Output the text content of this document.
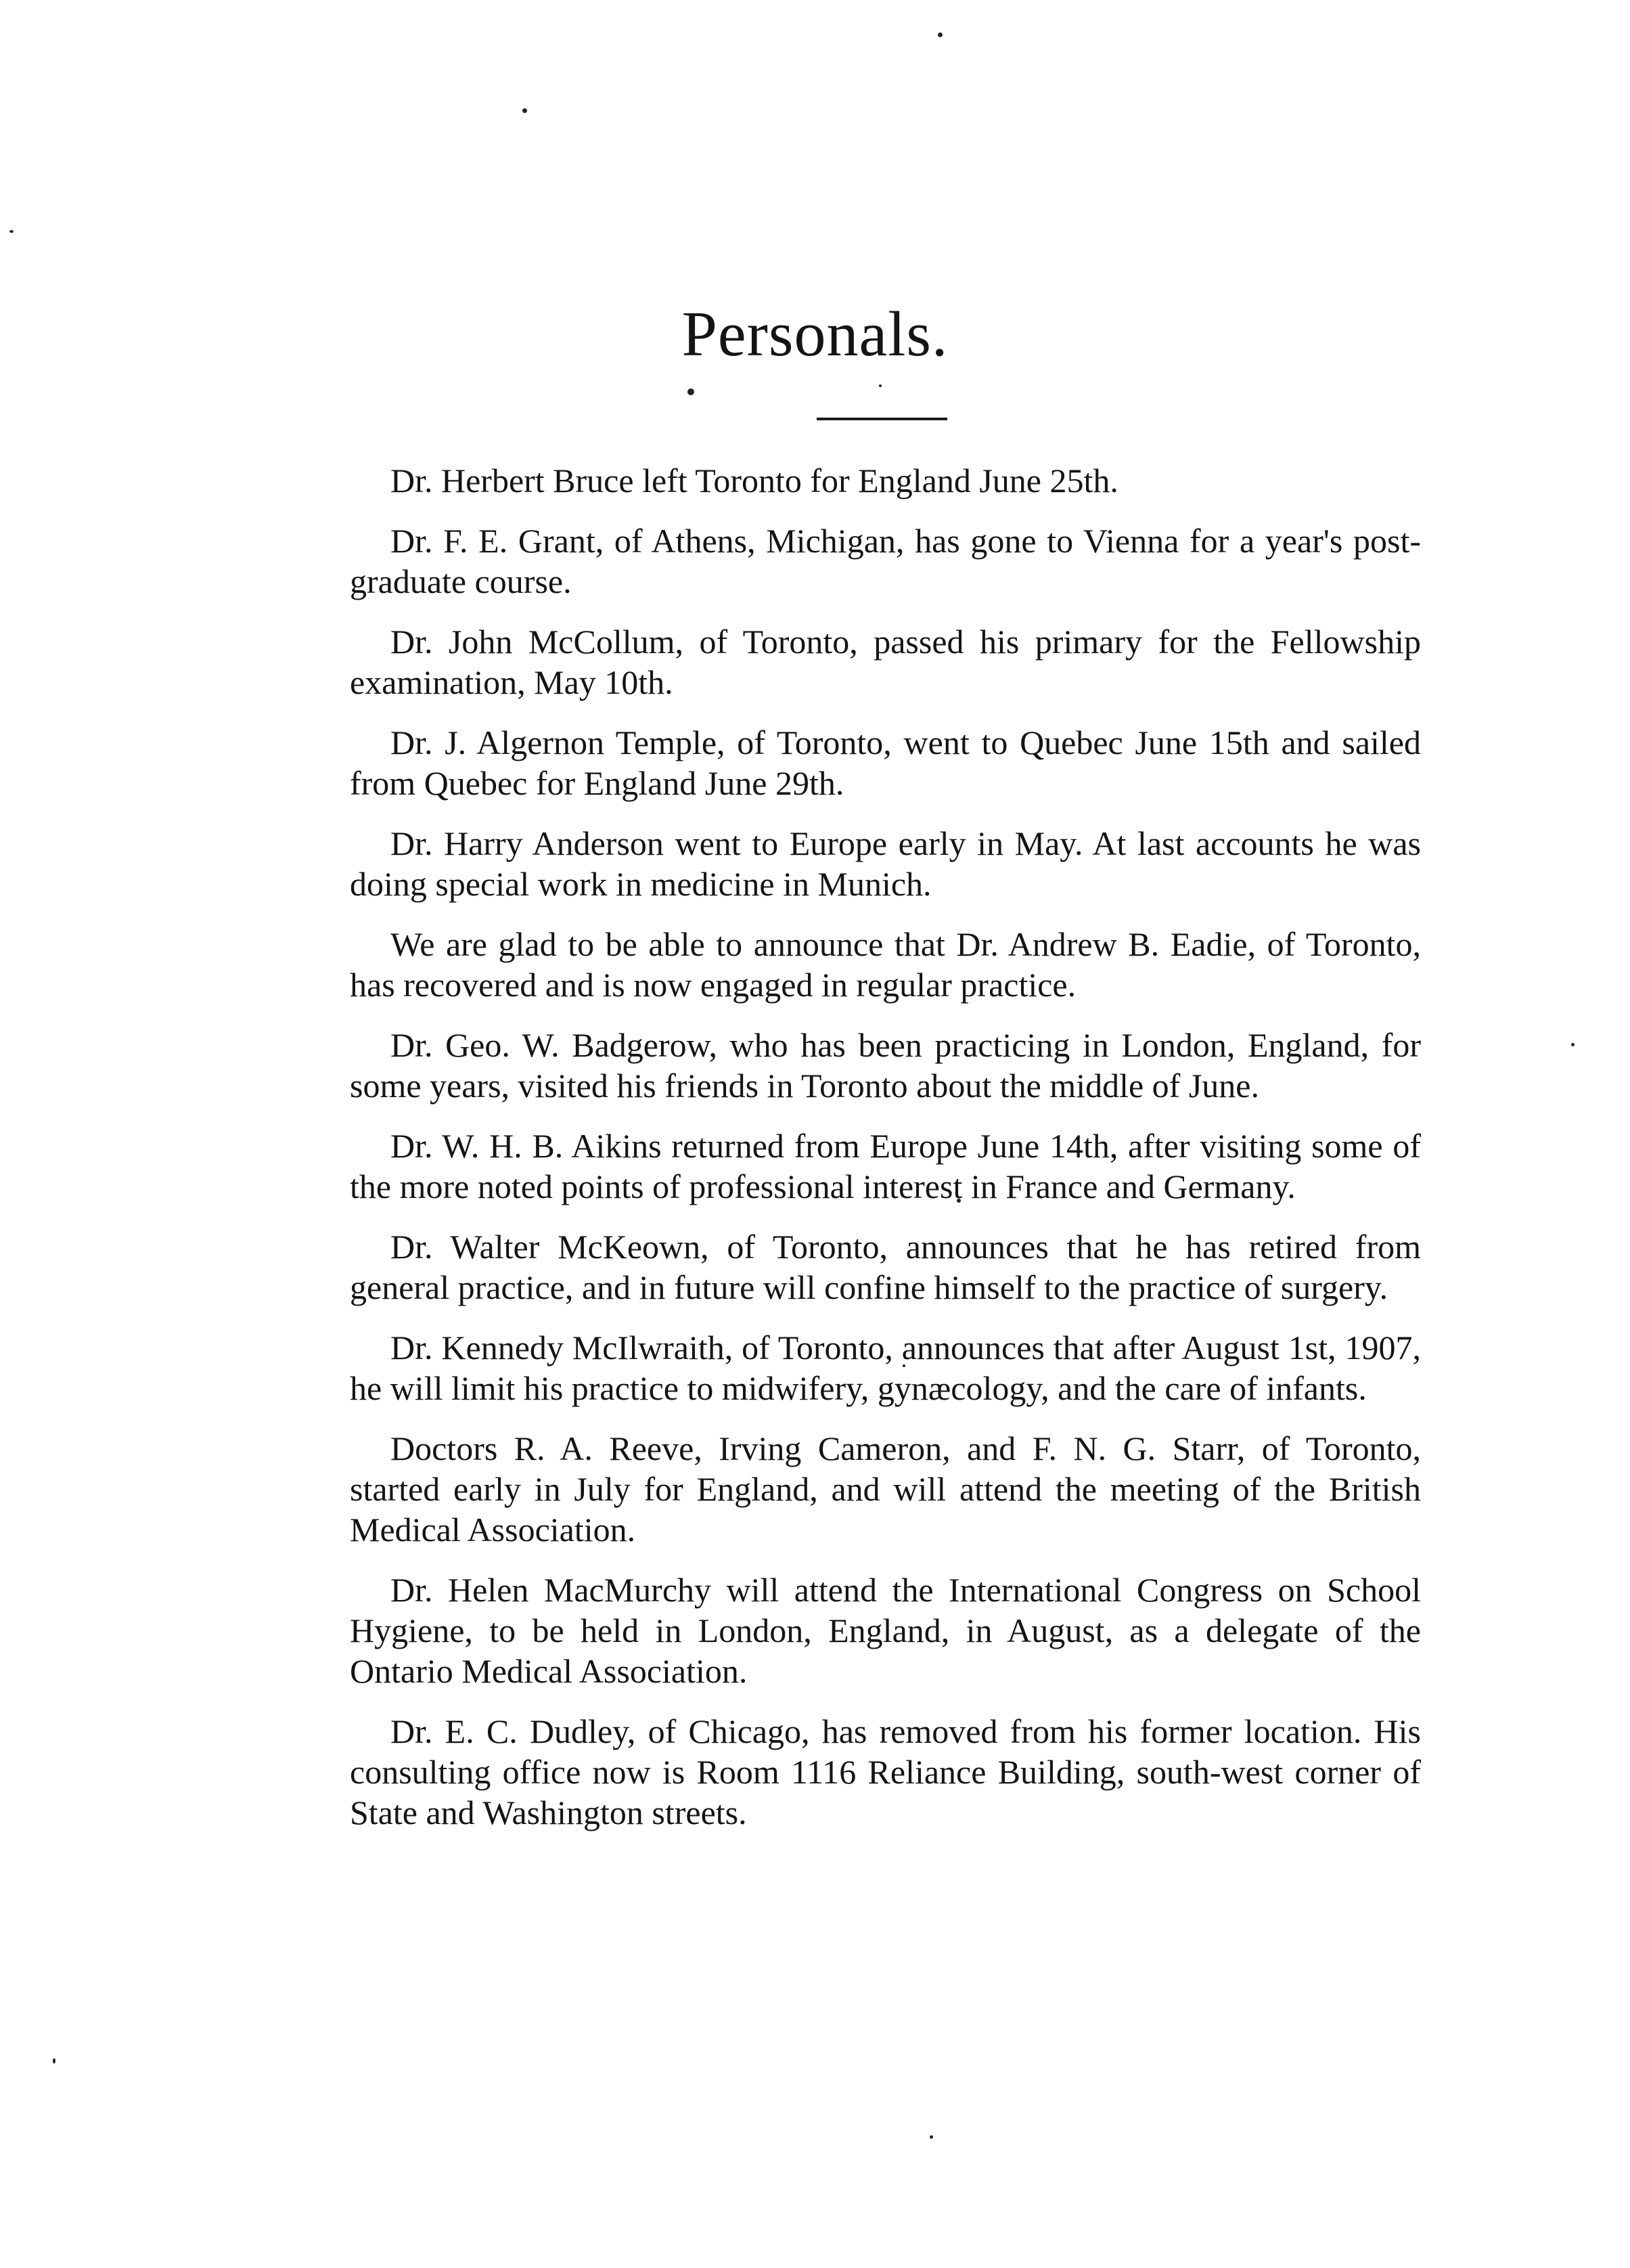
Personals.

Dr. Herbert Bruce left Toronto for England June 25th.

Dr. F. E. Grant, of Athens, Michigan, has gone to Vienna for a year's post-graduate course.

Dr. John McCollum, of Toronto, passed his primary for the Fellowship examination, May 10th.

Dr. J. Algernon Temple, of Toronto, went to Quebec June 15th and sailed from Quebec for England June 29th.

Dr. Harry Anderson went to Europe early in May. At last accounts he was doing special work in medicine in Munich.

We are glad to be able to announce that Dr. Andrew B. Eadie, of Toronto, has recovered and is now engaged in regular practice.

Dr. Geo. W. Badgerow, who has been practicing in London, England, for some years, visited his friends in Toronto about the middle of June.

Dr. W. H. B. Aikins returned from Europe June 14th, after visiting some of the more noted points of professional interest in France and Germany.

Dr. Walter McKeown, of Toronto, announces that he has retired from general practice, and in future will confine himself to the practice of surgery.

Dr. Kennedy McIlwraith, of Toronto, announces that after August 1st, 1907, he will limit his practice to midwifery, gynæcology, and the care of infants.

Doctors R. A. Reeve, Irving Cameron, and F. N. G. Starr, of Toronto, started early in July for England, and will attend the meeting of the British Medical Association.

Dr. Helen MacMurchy will attend the International Congress on School Hygiene, to be held in London, England, in August, as a delegate of the Ontario Medical Association.

Dr. E. C. Dudley, of Chicago, has removed from his former location. His consulting office now is Room 1116 Reliance Building, south-west corner of State and Washington streets.
